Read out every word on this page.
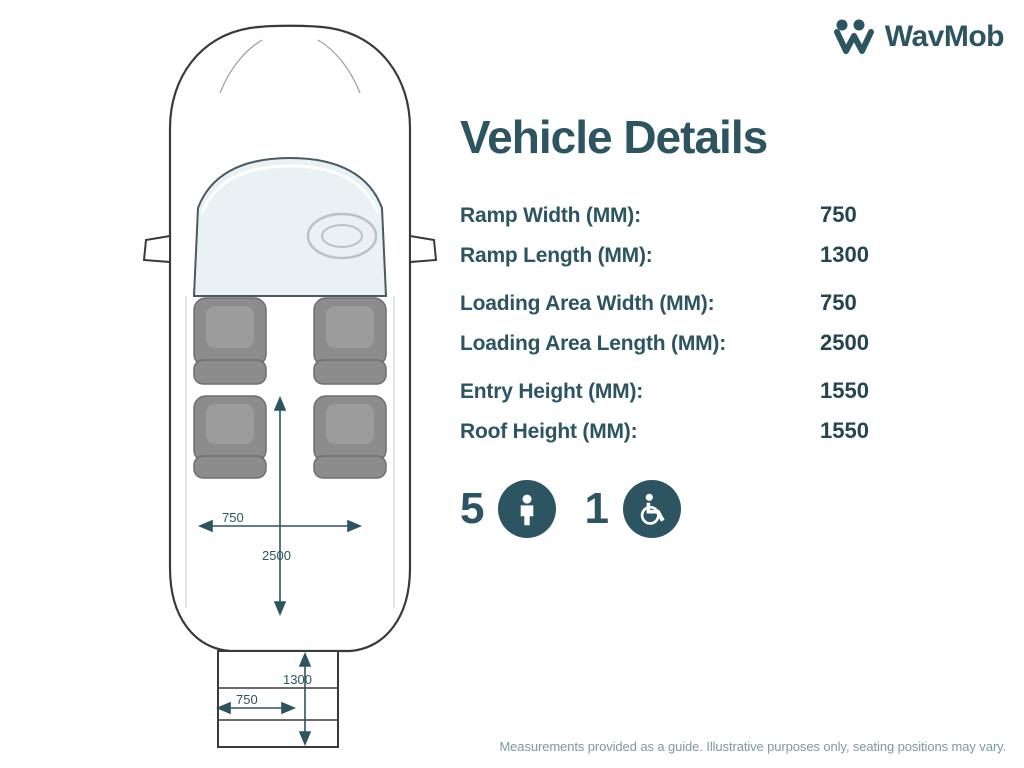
WavMob
2500
750
1300
750
Vehicle Details
Ramp Width (MM):	750
Ramp Length (MM):	1300
Loading Area Width (MM):	750
Loading Area Length (MM):	2500
Entry Height (MM):	1550
Roof Height (MM):	1550
5 1
Measurements provided as a guide. Illustrative purposes only, seating positions may vary.
